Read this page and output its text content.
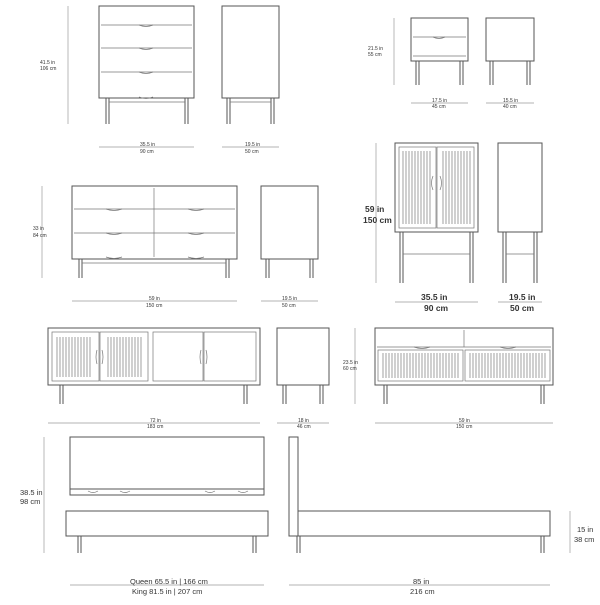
41.5 in
106 cm
35.5 in
90 cm
19.5 in
50 cm
21.5 in
55 cm
17.5 in
45 cm
15.5 in
40 cm
33 in
84 cm
59 in
150 cm
19.5 in
50 cm
59 in
150 cm
35.5 in
90 cm
19.5 in
50 cm
72 in
183 cm
18 in
46 cm
23.5 in
60 cm
59 in
150 cm
38.5 in
98 cm
Queen 65.5 in | 166 cm
King 81.5 in | 207 cm
85 in
216 cm
15 in
38 cm
